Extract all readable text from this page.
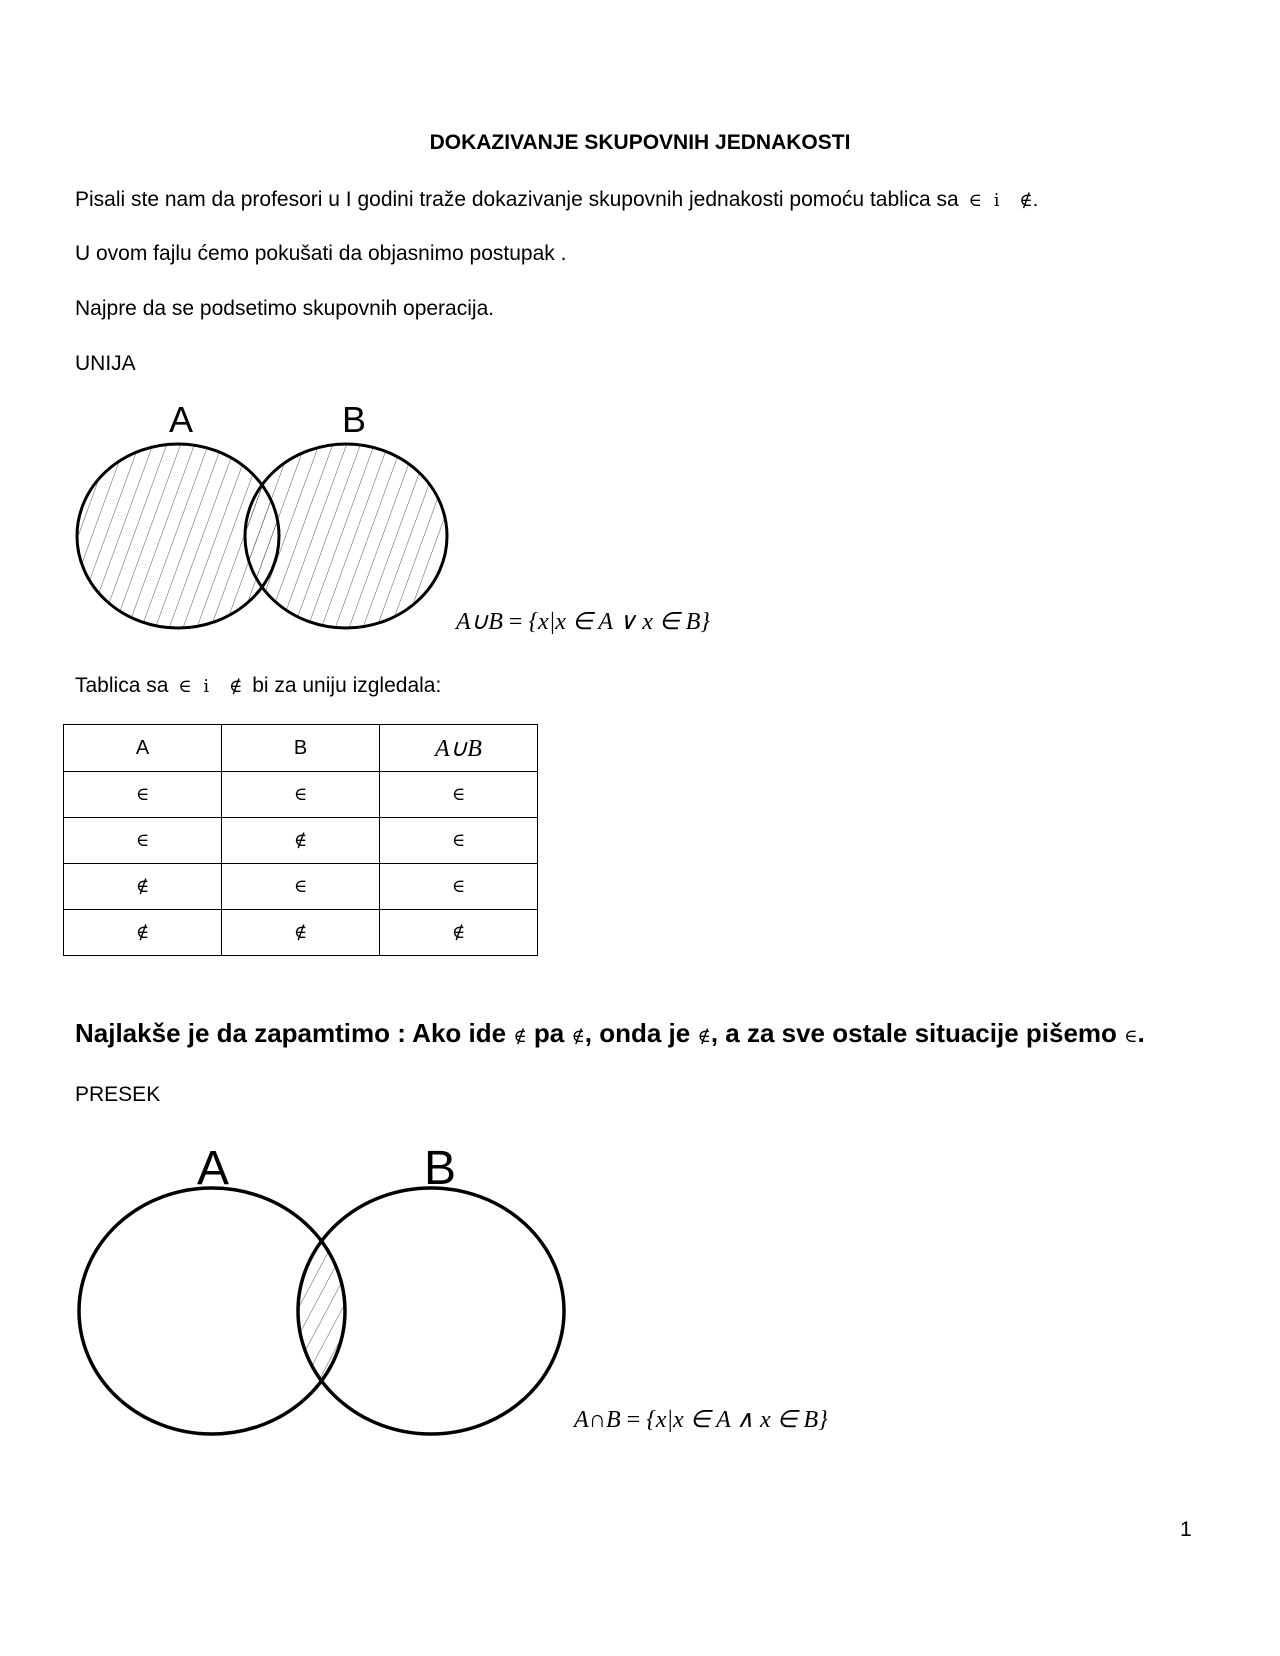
DOKAZIVANJE SKUPOVNIH JEDNAKOSTI
Pisali ste nam da profesori u I godini traže dokazivanje skupovnih jednakosti pomoću tablica sa ∈ i ∉.
U ovom fajlu ćemo pokušati da objasnimo postupak .
Najpre da se podsetimo skupovnih operacija.
UNIJA
A	B
A∪B = {x|x ∈ A ∨ x ∈ B}
Tablica sa ∈ i ∉ bi za uniju izgledala:
A	B	A∪B
∈	∈	∈
∈	∉	∈
∉	∈	∈
∉	∉	∉
Najlakše je da zapamtimo : Ako ide ∉ pa ∉, onda je ∉, a za sve ostale situacije pišemo ∈.
PRESEK
A	B
A∩B = {x|x ∈ A ∧ x ∈ B}
1
